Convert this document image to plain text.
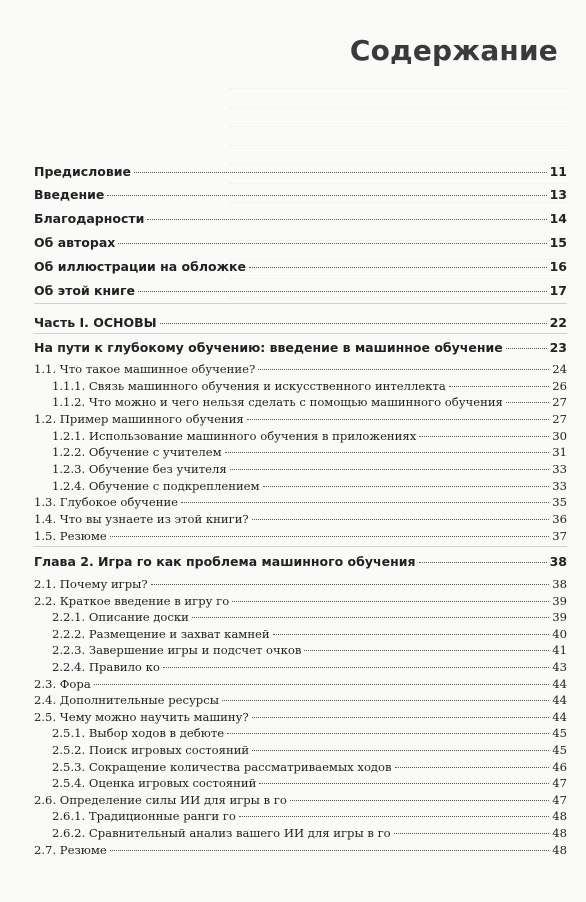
Содержание
Предисловие	11
Введение	13
Благодарности	14
Об авторах	15
Об иллюстрации на обложке	16
Об этой книге	17
Часть I. ОСНОВЫ	22
На пути к глубокому обучению: введение в машинное обучение	23
1.1. Что такое машинное обучение?	24
1.1.1. Связь машинного обучения и искусственного интеллекта	26
1.1.2. Что можно и чего нельзя сделать с помощью машинного обучения	27
1.2. Пример машинного обучения	27
1.2.1. Использование машинного обучения в приложениях	30
1.2.2. Обучение с учителем	31
1.2.3. Обучение без учителя	33
1.2.4. Обучение с подкреплением	33
1.3. Глубокое обучение	35
1.4. Что вы узнаете из этой книги?	36
1.5. Резюме	37
Глава 2. Игра го как проблема машинного обучения	38
2.1. Почему игры?	38
2.2. Краткое введение в игру го	39
2.2.1. Описание доски	39
2.2.2. Размещение и захват камней	40
2.2.3. Завершение игры и подсчет очков	41
2.2.4. Правило ко	43
2.3. Фора	44
2.4. Дополнительные ресурсы	44
2.5. Чему можно научить машину?	44
2.5.1. Выбор ходов в дебюте	45
2.5.2. Поиск игровых состояний	45
2.5.3. Сокращение количества рассматриваемых ходов	46
2.5.4. Оценка игровых состояний	47
2.6. Определение силы ИИ для игры в го	47
2.6.1. Традиционные ранги го	48
2.6.2. Сравнительный анализ вашего ИИ для игры в го	48
2.7. Резюме	48
